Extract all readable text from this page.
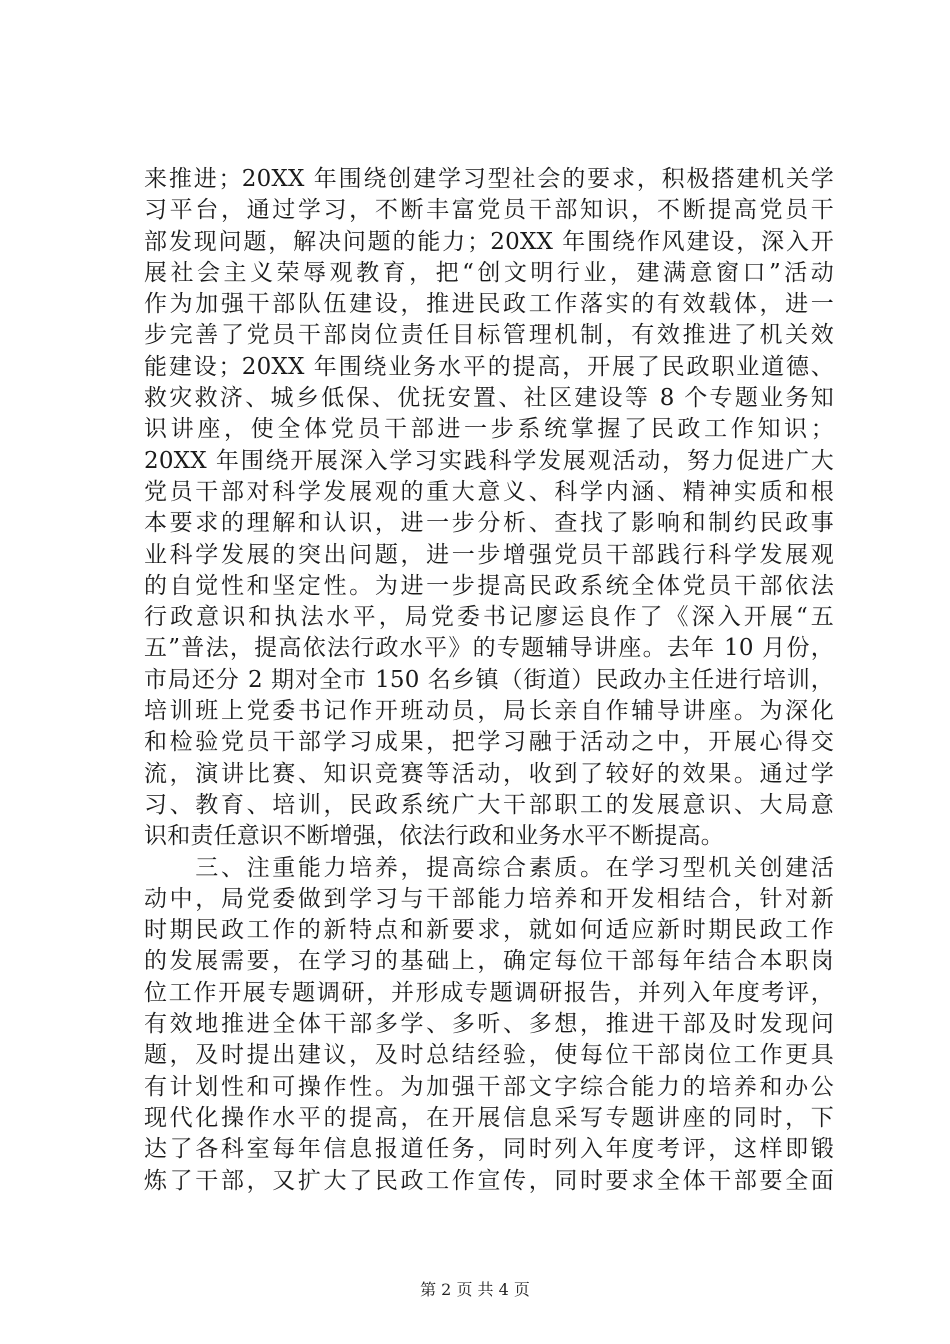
来推进；20XX 年围绕创建学习型社会的要求，积极搭建机关学
习平台，通过学习，不断丰富党员干部知识，不断提高党员干
部发现问题，解决问题的能力；20XX 年围绕作风建设，深入开
展社会主义荣辱观教育，把“创文明行业，建满意窗口”活动
作为加强干部队伍建设，推进民政工作落实的有效载体，进一
步完善了党员干部岗位责任目标管理机制，有效推进了机关效
能建设；20XX 年围绕业务水平的提高，开展了民政职业道德、
救灾救济、城乡低保、优抚安置、社区建设等 8 个专题业务知
识讲座，使全体党员干部进一步系统掌握了民政工作知识；
20XX 年围绕开展深入学习实践科学发展观活动，努力促进广大
党员干部对科学发展观的重大意义、科学内涵、精神实质和根
本要求的理解和认识，进一步分析、查找了影响和制约民政事
业科学发展的突出问题，进一步增强党员干部践行科学发展观
的自觉性和坚定性。为进一步提高民政系统全体党员干部依法
行政意识和执法水平，局党委书记廖运良作了《深入开展“五
五”普法，提高依法行政水平》的专题辅导讲座。去年 10 月份，
市局还分 2 期对全市 150 名乡镇（街道）民政办主任进行培训，
培训班上党委书记作开班动员，局长亲自作辅导讲座。为深化
和检验党员干部学习成果，把学习融于活动之中，开展心得交
流，演讲比赛、知识竞赛等活动，收到了较好的效果。通过学
习、教育、培训，民政系统广大干部职工的发展意识、大局意
识和责任意识不断增强，依法行政和业务水平不断提高。
　　三、注重能力培养，提高综合素质。在学习型机关创建活
动中，局党委做到学习与干部能力培养和开发相结合，针对新
时期民政工作的新特点和新要求，就如何适应新时期民政工作
的发展需要，在学习的基础上，确定每位干部每年结合本职岗
位工作开展专题调研，并形成专题调研报告，并列入年度考评，
有效地推进全体干部多学、多听、多想，推进干部及时发现问
题，及时提出建议，及时总结经验，使每位干部岗位工作更具
有计划性和可操作性。为加强干部文字综合能力的培养和办公
现代化操作水平的提高，在开展信息采写专题讲座的同时，下
达了各科室每年信息报道任务，同时列入年度考评，这样即锻
炼了干部，又扩大了民政工作宣传，同时要求全体干部要全面
第 2 页 共 4 页
